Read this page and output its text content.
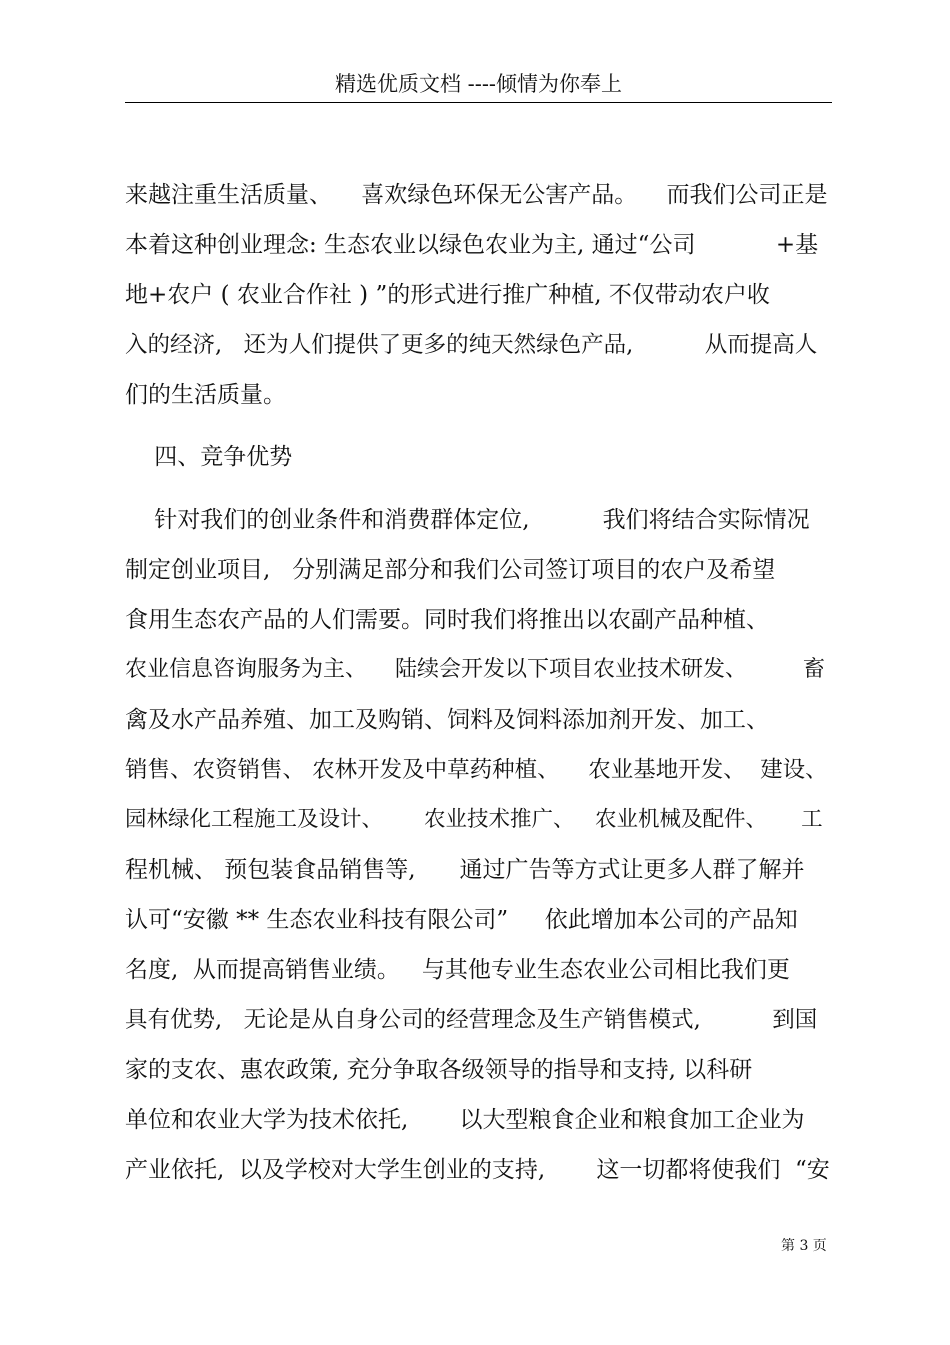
精选优质文档 ----倾情为你奉上
来越注重生活质量、    喜欢绿色环保无公害产品。    而我们公司正是
本着这种创业理念: 生态农业以绿色农业为主, 通过“公司           +基
地+农户 ( 农业合作社 ) ”的形式进行推广种植, 不仅带动农户收
入的经济,   还为人们提供了更多的纯天然绿色产品,          从而提高人
们的生活质量。
四、竞争优势
针对我们的创业条件和消费群体定位,          我们将结合实际情况
制定创业项目,   分别满足部分和我们公司签订项目的农户及希望
食用生态农产品的人们需要。同时我们将推出以农副产品种植、
农业信息咨询服务为主、    陆续会开发以下项目农业技术研发、        畜
禽及水产品养殖、加工及购销、饲料及饲料添加剂开发、加工、
销售、农资销售、 农林开发及中草药种植、    农业基地开发、  建设、
园林绿化工程施工及设计、      农业技术推广、   农业机械及配件、     工
程机械、 预包装食品销售等,      通过广告等方式让更多人群了解并
认可“安徽 ** 生态农业科技有限公司”     依此增加本公司的产品知
名度,  从而提高销售业绩。   与其他专业生态农业公司相比我们更
具有优势,   无论是从自身公司的经营理念及生产销售模式,          到国
家的支农、惠农政策, 充分争取各级领导的指导和支持, 以科研
单位和农业大学为技术依托,       以大型粮食企业和粮食加工企业为
产业依托,  以及学校对大学生创业的支持,       这一切都将使我们  “安
第 3 页
